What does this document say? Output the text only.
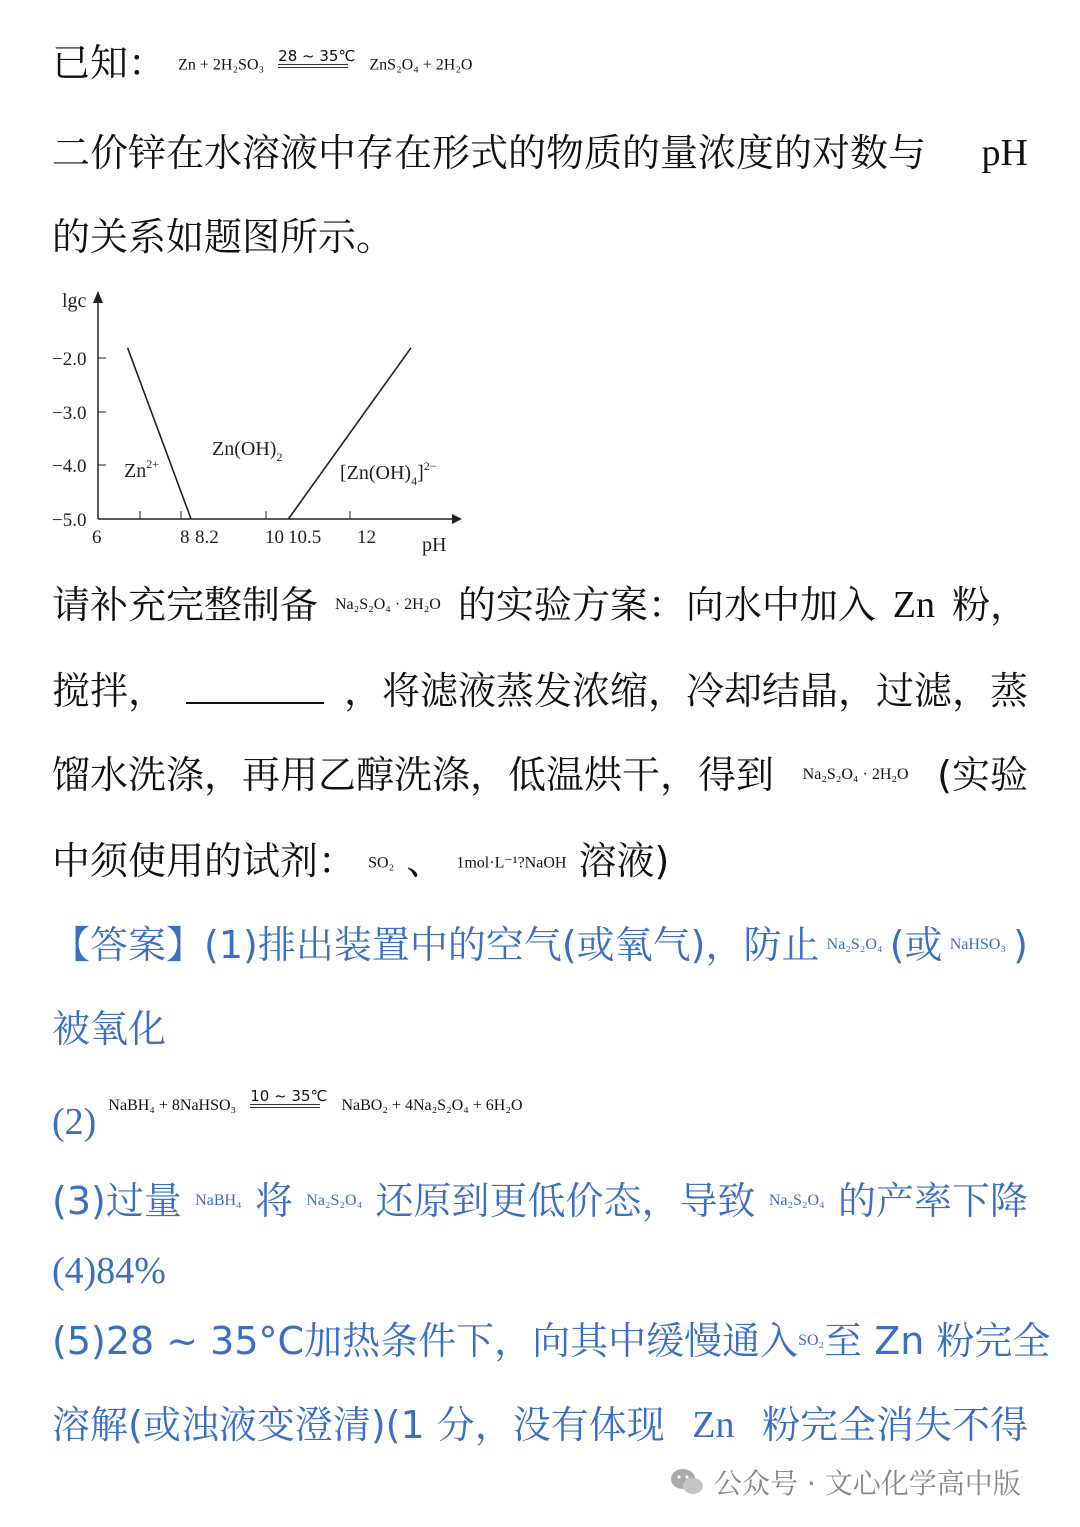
已知： Zn + 2H₂SO₃
28 ~ 35℃
ZnS₂O₄ + 2H₂O
二价锌在水溶液中存在形式的物质的量浓度的对数与 pH
的关系如题图所示。
lgc
pH
−2.0
−3.0
−4.0
−5.0
6	8 8.2 10 10.5 12
$Zn^{2+}$
$Zn(OH)_2$
$[Zn(OH)_4]^{2-}$
请补充完整制备 Na₂S₂O₄ · 2H₂O 的实验方案：向水中加入 Zn 粉，
搅拌，	，将滤液蒸发浓缩，冷却结晶，过滤，蒸
馏水洗涤，再用乙醇洗涤，低温烘干，得到 Na₂S₂O₄ · 2H₂O (实验
中须使用的试剂： SO₂ 、 1mol·L⁻¹?NaOH 溶液)
【答案】(1)排出装置中的空气(或氧气)，防止 Na₂S₂O₄ (或 NaHSO₃ )
被氧化
(2) $^{NaBH_4 + 8NaHSO_3}$
10 ~ 35℃
$^{NaBO_2 + 4Na_2S_2O_4 + 6H_2O}$
(3)过量 NaBH₄ 将 Na₂S₂O₄ 还原到更低价态，导致 Na₂S₂O₄ 的产率下降
(4)84%
(5)28 ~ 35°C加热条件下，向其中缓慢通入 SO₂ 至 Zn 粉完全
溶解(或浊液变澄清)(1 分，没有体现 Zn 粉完全消失不得
公众号 · 文心化学高中版
